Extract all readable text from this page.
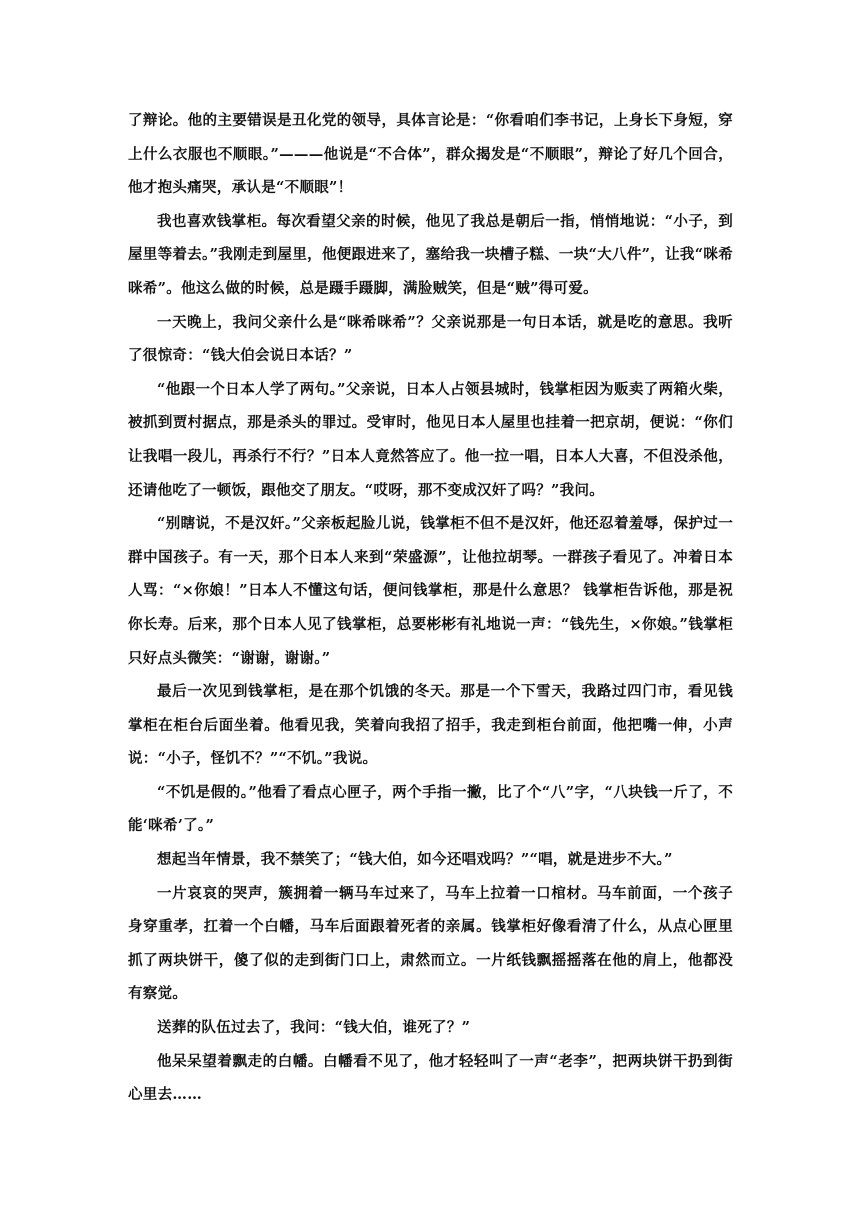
了辩论。他的主要错误是丑化党的领导，具体言论是：“你看咱们李书记，上身长下身短，穿上什么衣服也不顺眼。”———他说是“不合体”，群众揭发是“不顺眼”，辩论了好几个回合，他才抱头痛哭，承认是“不顺眼”！

我也喜欢钱掌柜。每次看望父亲的时候，他见了我总是朝后一指，悄悄地说：“小子，到屋里等着去。”我刚走到屋里，他便跟进来了，塞给我一块槽子糕、一块“大八件”，让我“咪希咪希”。他这么做的时候，总是蹑手蹑脚，满脸贼笑，但是“贼”得可爱。

一天晚上，我问父亲什么是“咪希咪希”？父亲说那是一句日本话，就是吃的意思。我听了很惊奇：“钱大伯会说日本话？”

“他跟一个日本人学了两句。”父亲说，日本人占领县城时，钱掌柜因为贩卖了两箱火柴，被抓到贾村据点，那是杀头的罪过。受审时，他见日本人屋里也挂着一把京胡，便说：“你们让我唱一段儿，再杀行不行？”日本人竟然答应了。他一拉一唱，日本人大喜，不但没杀他，还请他吃了一顿饭，跟他交了朋友。“哎呀，那不变成汉奸了吗？”我问。

“别瞎说，不是汉奸。”父亲板起脸儿说，钱掌柜不但不是汉奸，他还忍着羞辱，保护过一群中国孩子。有一天，那个日本人来到“荣盛源”，让他拉胡琴。一群孩子看见了。冲着日本人骂：“×你娘！”日本人不懂这句话，便问钱掌柜，那是什么意思？ 钱掌柜告诉他，那是祝你长寿。后来，那个日本人见了钱掌柜，总要彬彬有礼地说一声：“钱先生，×你娘。”钱掌柜只好点头微笑：“谢谢，谢谢。”

最后一次见到钱掌柜，是在那个饥饿的冬天。那是一个下雪天，我路过四门市，看见钱掌柜在柜台后面坐着。他看见我，笑着向我招了招手，我走到柜台前面，他把嘴一伸，小声说：“小子，怪饥不？”“不饥。”我说。

“不饥是假的。”他看了看点心匣子，两个手指一撇，比了个“八”字，“八块钱一斤了，不能‘咪希’了。”

想起当年情景，我不禁笑了；“钱大伯，如今还唱戏吗？”“唱，就是进步不大。”

一片哀哀的哭声，簇拥着一辆马车过来了，马车上拉着一口棺材。马车前面，一个孩子身穿重孝，扛着一个白幡，马车后面跟着死者的亲属。钱掌柜好像看清了什么，从点心匣里抓了两块饼干，傻了似的走到街门口上，肃然而立。一片纸钱飘摇摇落在他的肩上，他都没有察觉。

送葬的队伍过去了，我问：“钱大伯，谁死了？”

他呆呆望着飘走的白幡。白幡看不见了，他才轻轻叫了一声“老李”，把两块饼干扔到街心里去……
